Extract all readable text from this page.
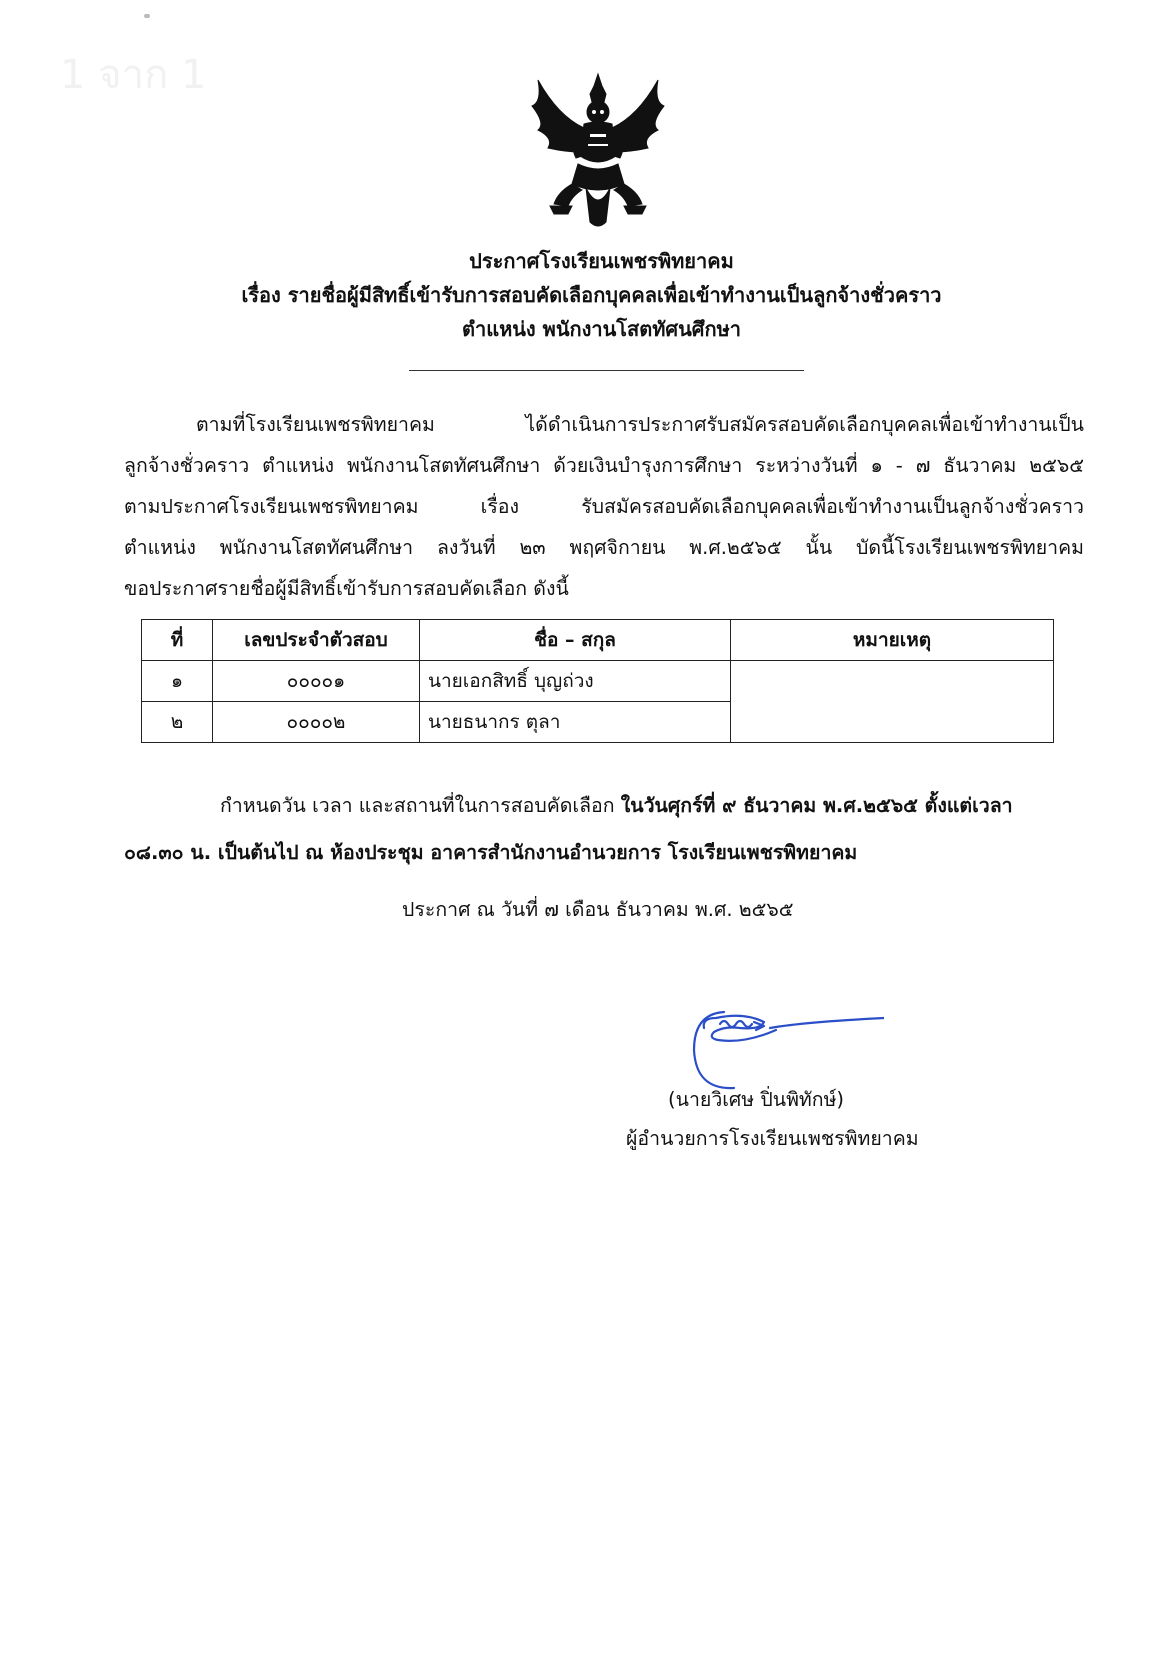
1 จาก 1
ประกาศโรงเรียนเพชรพิทยาคม
เรื่อง รายชื่อผู้มีสิทธิ์เข้ารับการสอบคัดเลือกบุคคลเพื่อเข้าทำงานเป็นลูกจ้างชั่วคราว
ตำแหน่ง พนักงานโสตทัศนศึกษา
ตามที่โรงเรียนเพชรพิทยาคม ได้ดำเนินการประกาศรับสมัครสอบคัดเลือกบุคคลเพื่อเข้าทำงานเป็น
ลูกจ้างชั่วคราว ตำแหน่ง พนักงานโสตทัศนศึกษา ด้วยเงินบำรุงการศึกษา ระหว่างวันที่ ๑ - ๗ ธันวาคม ๒๕๖๕
ตามประกาศโรงเรียนเพชรพิทยาคม เรื่อง รับสมัครสอบคัดเลือกบุคคลเพื่อเข้าทำงานเป็นลูกจ้างชั่วคราว
ตำแหน่ง พนักงานโสตทัศนศึกษา ลงวันที่ ๒๓ พฤศจิกายน พ.ศ.๒๕๖๕ นั้น บัดนี้โรงเรียนเพชรพิทยาคม
ขอประกาศรายชื่อผู้มีสิทธิ์เข้ารับการสอบคัดเลือก ดังนี้
ที่	เลขประจำตัวสอบ	ชื่อ – สกุล	หมายเหตุ
๑	๐๐๐๐๑	นายเอกสิทธิ์ บุญถ่วง	
๒	๐๐๐๐๒	นายธนากร ตุลา	
กำหนดวัน เวลา และสถานที่ในการสอบคัดเลือก ในวันศุกร์ที่ ๙ ธันวาคม พ.ศ.๒๕๖๕ ตั้งแต่เวลา
๐๘.๓๐ น. เป็นต้นไป ณ ห้องประชุม อาคารสำนักงานอำนวยการ โรงเรียนเพชรพิทยาคม
ประกาศ ณ วันที่ ๗ เดือน ธันวาคม พ.ศ. ๒๕๖๕
(นายวิเศษ ปิ่นพิทักษ์)
ผู้อำนวยการโรงเรียนเพชรพิทยาคม
